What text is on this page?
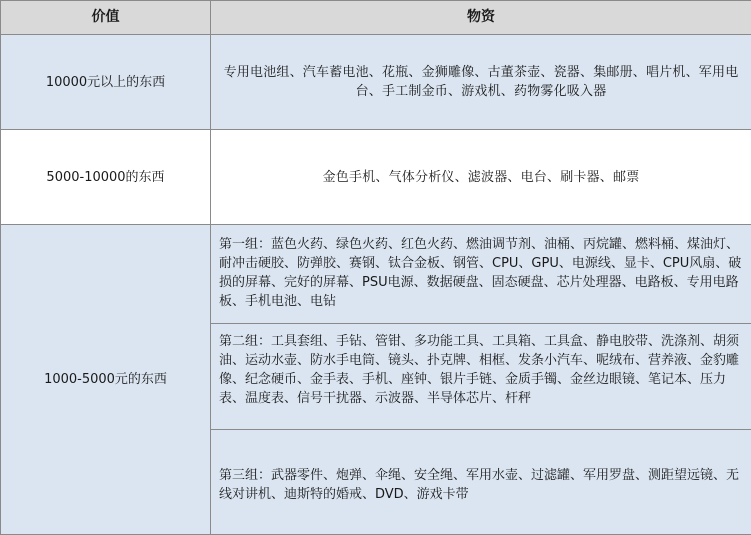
价值	物资
10000元以上的东西
专用电池组、汽车蓄电池、花瓶、金狮雕像、古董茶壶、瓷器、集邮册、唱片机、军用电台、手工制金币、游戏机、药物雾化吸入器
5000-10000的东西	金色手机、气体分析仪、滤波器、电台、刷卡器、邮票
1000-5000元的东西
第一组：蓝色火药、绿色火药、红色火药、燃油调节剂、油桶、丙烷罐、燃料桶、煤油灯、耐冲击硬胶、防弹胶、赛钢、钛合金板、钢管、CPU、GPU、电源线、显卡、CPU风扇、破损的屏幕、完好的屏幕、PSU电源、数据硬盘、固态硬盘、芯片处理器、电路板、专用电路板、手机电池、电钻
第二组：工具套组、手钻、管钳、多功能工具、工具箱、工具盒、静电胶带、洗涤剂、胡须油、运动水壶、防水手电筒、镜头、扑克牌、相框、发条小汽车、呢绒布、营养液、金豹雕像、纪念硬币、金手表、手机、座钟、银片手链、金质手镯、金丝边眼镜、笔记本、压力表、温度表、信号干扰器、示波器、半导体芯片、杆秤
第三组：武器零件、炮弹、伞绳、安全绳、军用水壶、过滤罐、军用罗盘、测距望远镜、无线对讲机、迪斯特的婚戒、DVD、游戏卡带
